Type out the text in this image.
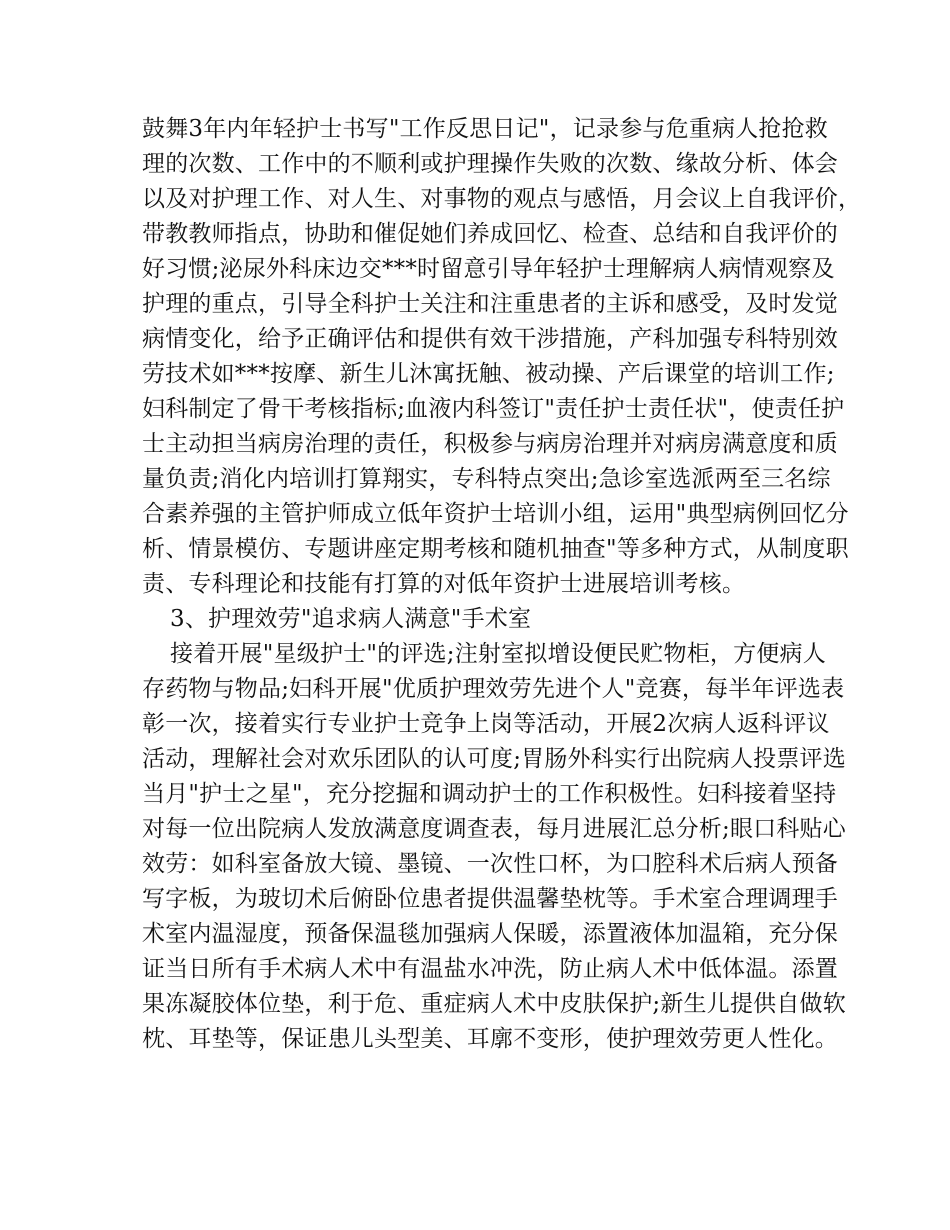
鼓舞3年内年轻护士书写"工作反思日记"，记录参与危重病人抢抢救
理的次数、工作中的不顺利或护理操作失败的次数、缘故分析、体会
以及对护理工作、对人生、对事物的观点与感悟，月会议上自我评价，
带教教师指点，协助和催促她们养成回忆、检查、总结和自我评价的
好习惯;泌尿外科床边交***时留意引导年轻护士理解病人病情观察及
护理的重点，引导全科护士关注和注重患者的主诉和感受，及时发觉
病情变化，给予正确评估和提供有效干涉措施，产科加强专科特别效
劳技术如***按摩、新生儿沐寓抚触、被动操、产后课堂的培训工作;
妇科制定了骨干考核指标;血液内科签订"责任护士责任状"，使责任护
士主动担当病房治理的责任，积极参与病房治理并对病房满意度和质
量负责;消化内培训打算翔实，专科特点突出;急诊室选派两至三名综
合素养强的主管护师成立低年资护士培训小组，运用"典型病例回忆分
析、情景模仿、专题讲座定期考核和随机抽查"等多种方式，从制度职
责、专科理论和技能有打算的对低年资护士进展培训考核。
3、护理效劳"追求病人满意"手术室
接着开展"星级护士"的评选;注射室拟增设便民贮物柜，方便病人
存药物与物品;妇科开展"优质护理效劳先进个人"竞赛，每半年评选表
彰一次，接着实行专业护士竞争上岗等活动，开展2次病人返科评议
活动，理解社会对欢乐团队的认可度;胃肠外科实行出院病人投票评选
当月"护士之星"，充分挖掘和调动护士的工作积极性。妇科接着坚持
对每一位出院病人发放满意度调查表，每月进展汇总分析;眼口科贴心
效劳：如科室备放大镜、墨镜、一次性口杯，为口腔科术后病人预备
写字板，为玻切术后俯卧位患者提供温馨垫枕等。手术室合理调理手
术室内温湿度，预备保温毯加强病人保暖，添置液体加温箱，充分保
证当日所有手术病人术中有温盐水冲洗，防止病人术中低体温。添置
果冻凝胶体位垫，利于危、重症病人术中皮肤保护;新生儿提供自做软
枕、耳垫等，保证患儿头型美、耳廓不变形，使护理效劳更人性化。
